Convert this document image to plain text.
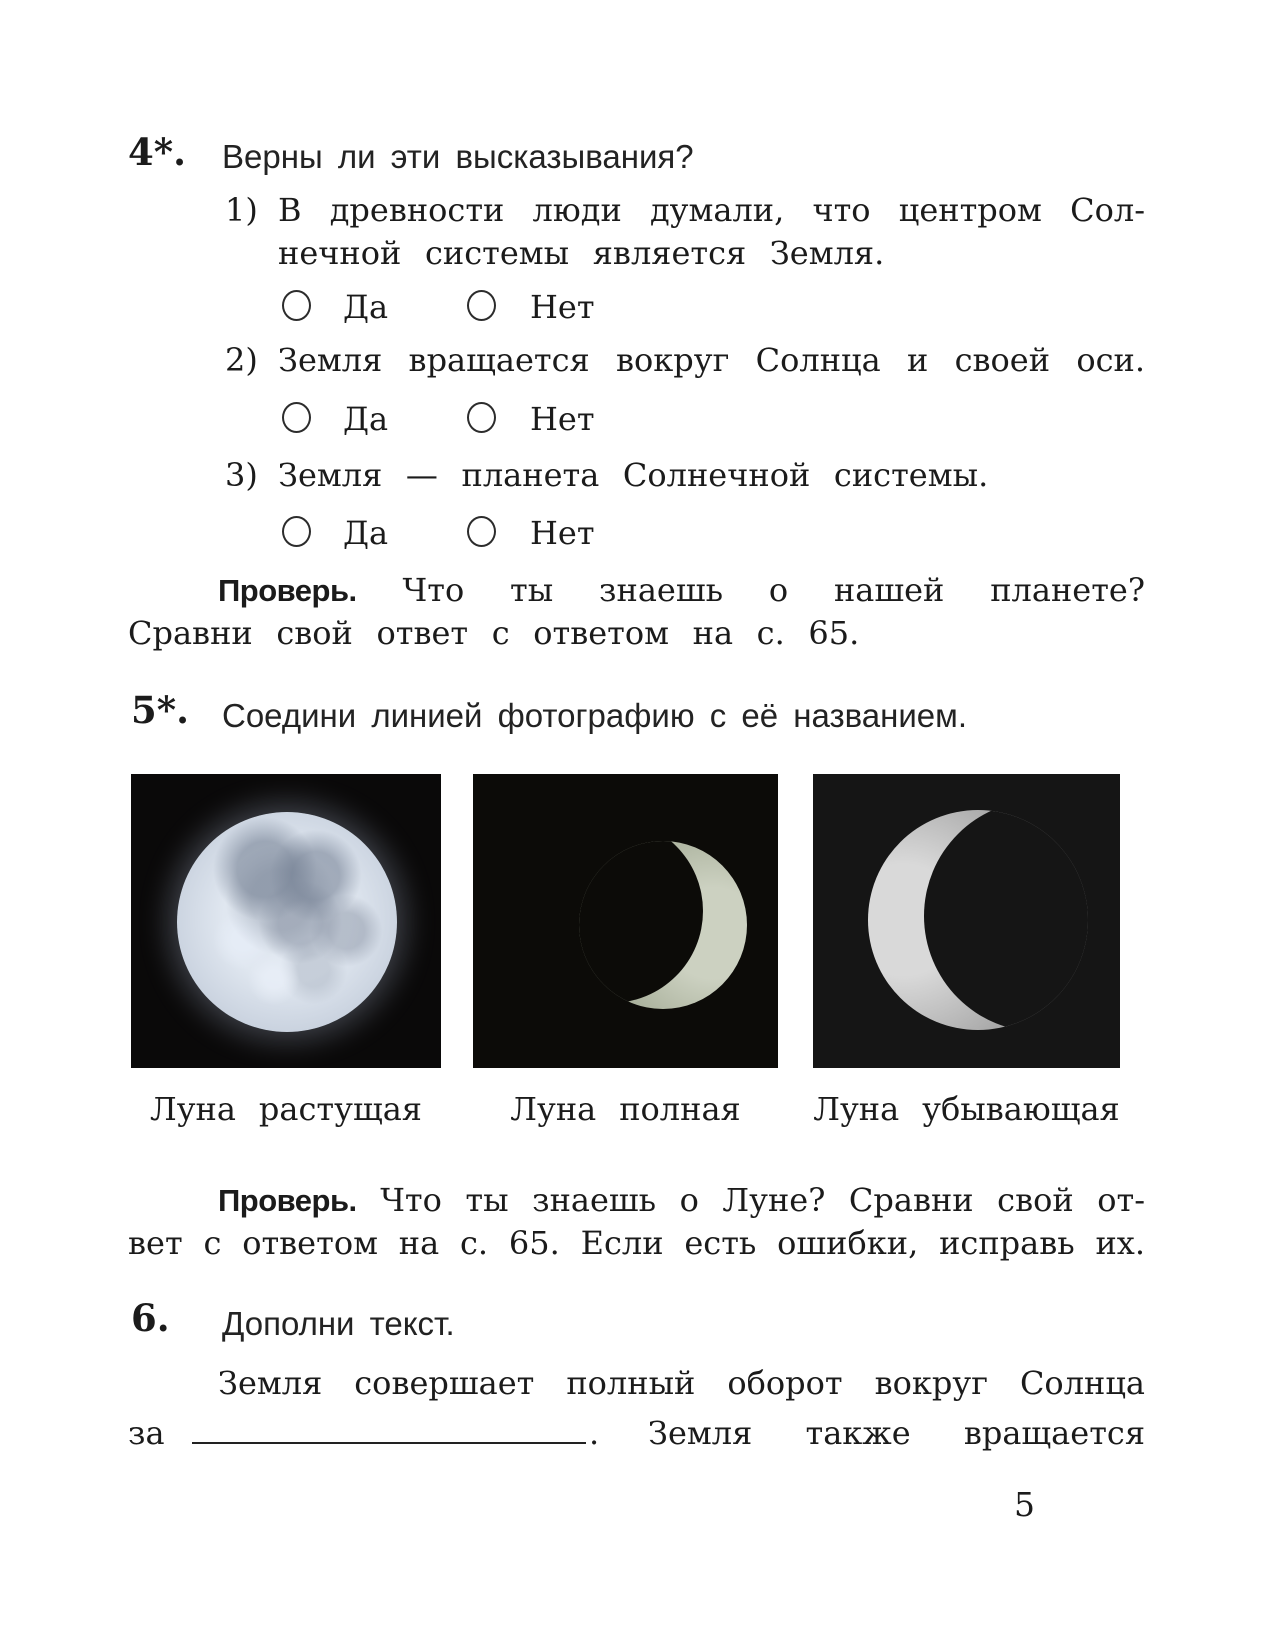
4*. Верны ли эти высказывания?
1) В древности люди думали, что центром Сол-
нечной системы является Земля.
Да	Нет
2) Земля вращается вокруг Солнца и своей оси.
Да	Нет
3) Земля — планета Солнечной системы.
Да	Нет
Проверь. Что ты знаешь о нашей планете?
Сравни свой ответ с ответом на с. 65.
5*. Соедини линией фотографию с её названием.
Луна растущая	Луна полная	Луна убывающая
Проверь. Что ты знаешь о Луне? Сравни свой от-
вет с ответом на с. 65. Если есть ошибки, исправь их.
6. Дополни текст.
Земля совершает полный оборот вокруг Солнца
за	. Земля также вращается
5
